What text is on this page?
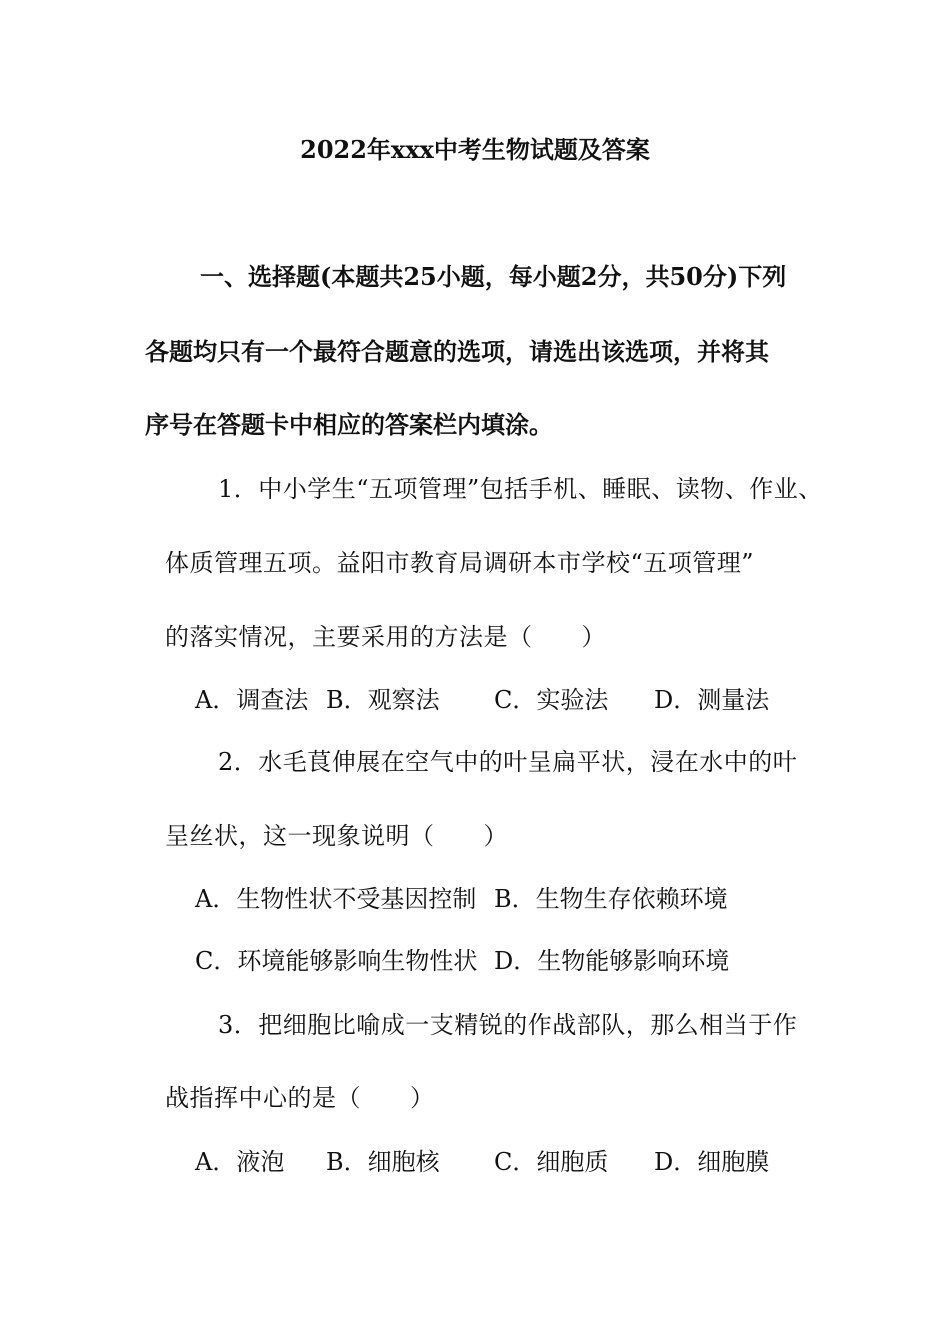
2022年xxx中考生物试题及答案
一、选择题(本题共25小题，每小题2分，共50分)下列
各题均只有一个最符合题意的选项，请选出该选项，并将其
序号在答题卡中相应的答案栏内填涂。
1．中小学生“五项管理”包括手机、睡眠、读物、作业、
体质管理五项。益阳市教育局调研本市学校“五项管理”
的落实情况，主要采用的方法是（　　）
A．调查法 B．观察法 C．实验法 D．测量法
2．水毛茛伸展在空气中的叶呈扁平状，浸在水中的叶
呈丝状，这一现象说明（　　）
A．生物性状不受基因控制 B．生物生存依赖环境
C．环境能够影响生物性状 D．生物能够影响环境
3．把细胞比喻成一支精锐的作战部队，那么相当于作
战指挥中心的是（　　）
A．液泡 B．细胞核 C．细胞质 D．细胞膜
